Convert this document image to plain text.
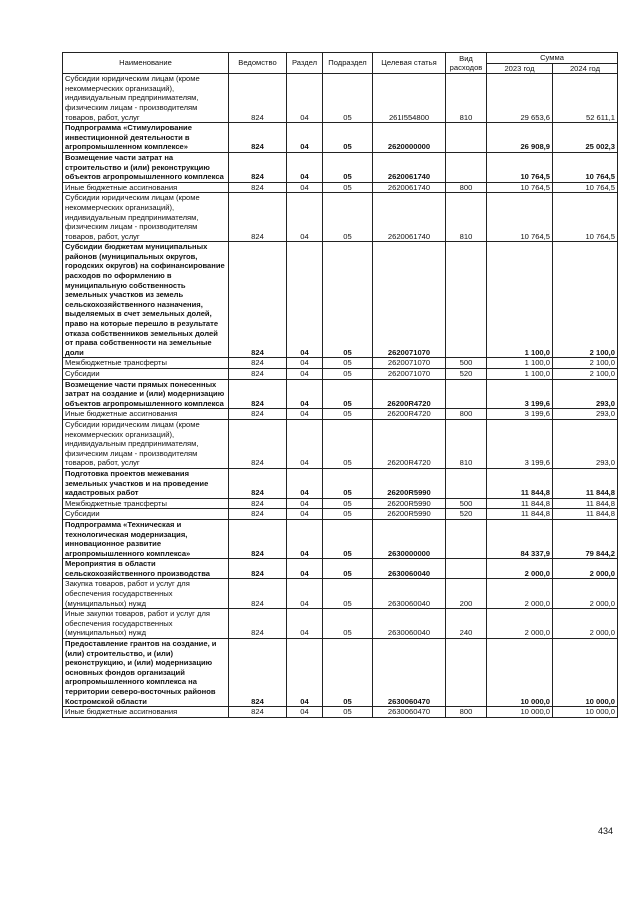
Наименование	Ведомство	Раздел	Подраздел	Целевая статья	Вид расходов	Сумма	
						2023 год	2024 год
Субсидии юридическим лицам (кроме некоммерческих организаций), индивидуальным предпринимателям, физическим лицам - производителям товаров, работ, услуг	824	04	05	261I554800	810	29 653,6	52 611,1
Подпрограмма «Стимулирование инвестиционной деятельности в агропромышленном комплексе»	824	04	05	2620000000		26 908,9	25 002,3
Возмещение части затрат на строительство и (или) реконструкцию объектов агропромышленного комплекса	824	04	05	2620061740		10 764,5	10 764,5
Иные бюджетные ассигнования	824	04	05	2620061740	800	10 764,5	10 764,5
Субсидии юридическим лицам (кроме некоммерческих организаций), индивидуальным предпринимателям, физическим лицам - производителям товаров, работ, услуг	824	04	05	2620061740	810	10 764,5	10 764,5
Субсидии бюджетам муниципальных районов (муниципальных округов, городских округов) на софинансирование расходов по оформлению в муниципальную собственность земельных участков из земель сельскохозяйственного назначения, выделяемых в счет земельных долей, право на которые перешло в результате отказа собственников земельных долей от права собственности на земельные доли	824	04	05	2620071070		1 100,0	2 100,0
Межбюджетные трансферты	824	04	05	2620071070	500	1 100,0	2 100,0
Субсидии	824	04	05	2620071070	520	1 100,0	2 100,0
Возмещение части прямых понесенных затрат на создание и (или) модернизацию объектов агропромышленного комплекса	824	04	05	26200R4720		3 199,6	293,0
Иные бюджетные ассигнования	824	04	05	26200R4720	800	3 199,6	293,0
Субсидии юридическим лицам (кроме некоммерческих организаций), индивидуальным предпринимателям, физическим лицам - производителям товаров, работ, услуг	824	04	05	26200R4720	810	3 199,6	293,0
Подготовка проектов межевания земельных участков и на проведение кадастровых работ	824	04	05	26200R5990		11 844,8	11 844,8
Межбюджетные трансферты	824	04	05	26200R5990	500	11 844,8	11 844,8
Субсидии	824	04	05	26200R5990	520	11 844,8	11 844,8
Подпрограмма «Техническая и технологическая модернизация, инновационное развитие агропромышленного комплекса»	824	04	05	2630000000		84 337,9	79 844,2
Мероприятия в области сельскохозяйственного производства	824	04	05	2630060040		2 000,0	2 000,0
Закупка товаров, работ и услуг для обеспечения государственных (муниципальных) нужд	824	04	05	2630060040	200	2 000,0	2 000,0
Иные закупки товаров, работ и услуг для обеспечения государственных (муниципальных) нужд	824	04	05	2630060040	240	2 000,0	2 000,0
Предоставление грантов на создание, и (или) строительство, и (или) реконструкцию, и (или) модернизацию основных фондов организаций агропромышленного комплекса на территории северо-восточных районов Костромской области	824	04	05	2630060470		10 000,0	10 000,0
Иные бюджетные ассигнования	824	04	05	2630060470	800	10 000,0	10 000,0
434
